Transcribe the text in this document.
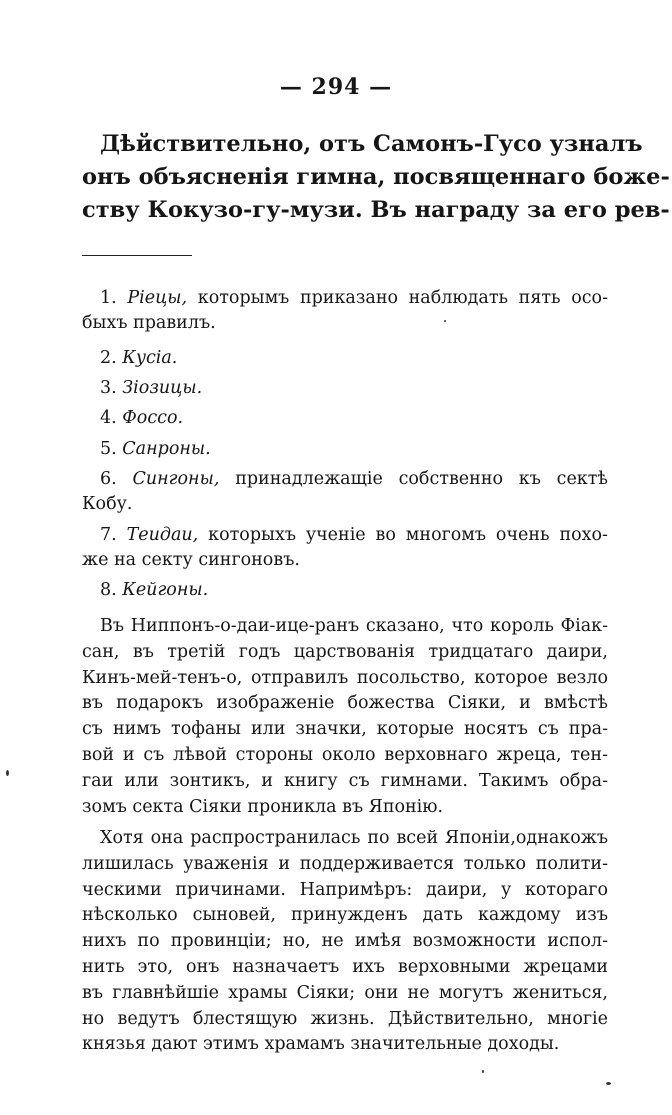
— 294 —

Дѣйствительно, отъ Самонъ-Гусо узналъ
онъ объясненія гимна, посвященнаго боже-
ству Кокузо-гу-музи. Въ награду за его рев-

1. Ріецы, которымъ приказано наблюдать пять осо-
быхъ правилъ.

2. Кусіа.

3. Зіозицы.

4. Фоссо.

5. Санроны.

6. Сингоны, принадлежащіе собственно къ сектѣ
Кобу.

7. Теидаи, которыхъ ученіе во многомъ очень похо-
же на секту сингоновъ.

8. Кейгоны.

Въ Ниппонъ-о-даи-ице-ранъ сказано, что король Фіак-
сан, въ третій годъ царствованія тридцатаго даири,
Кинъ-мей-тенъ-о, отправилъ посольство, которое везло
въ подарокъ изображеніе божества Сіяки, и вмѣстѣ
съ нимъ тофаны или значки, которые носятъ съ пра-
вой и съ лѣвой стороны около верховнаго жреца, тен-
гаи или зонтикъ, и книгу съ гимнами. Такимъ обра-
зомъ секта Сіяки проникла въ Японію.

Хотя она распространилась по всей Японіи,однакожъ
лишилась уваженія и поддерживается только полити-
ческими причинами. Напримѣръ: даири, у котораго
нѣсколько сыновей, принужденъ дать каждому изъ
нихъ по провинціи; но, не имѣя возможности испол-
нить это, онъ назначаетъ ихъ верховными жрецами
въ главнѣйшіе храмы Сіяки; они не могутъ жениться,
но ведутъ блестящую жизнь. Дѣйствительно, многіе
князья дают этимъ храмамъ значительные доходы.
